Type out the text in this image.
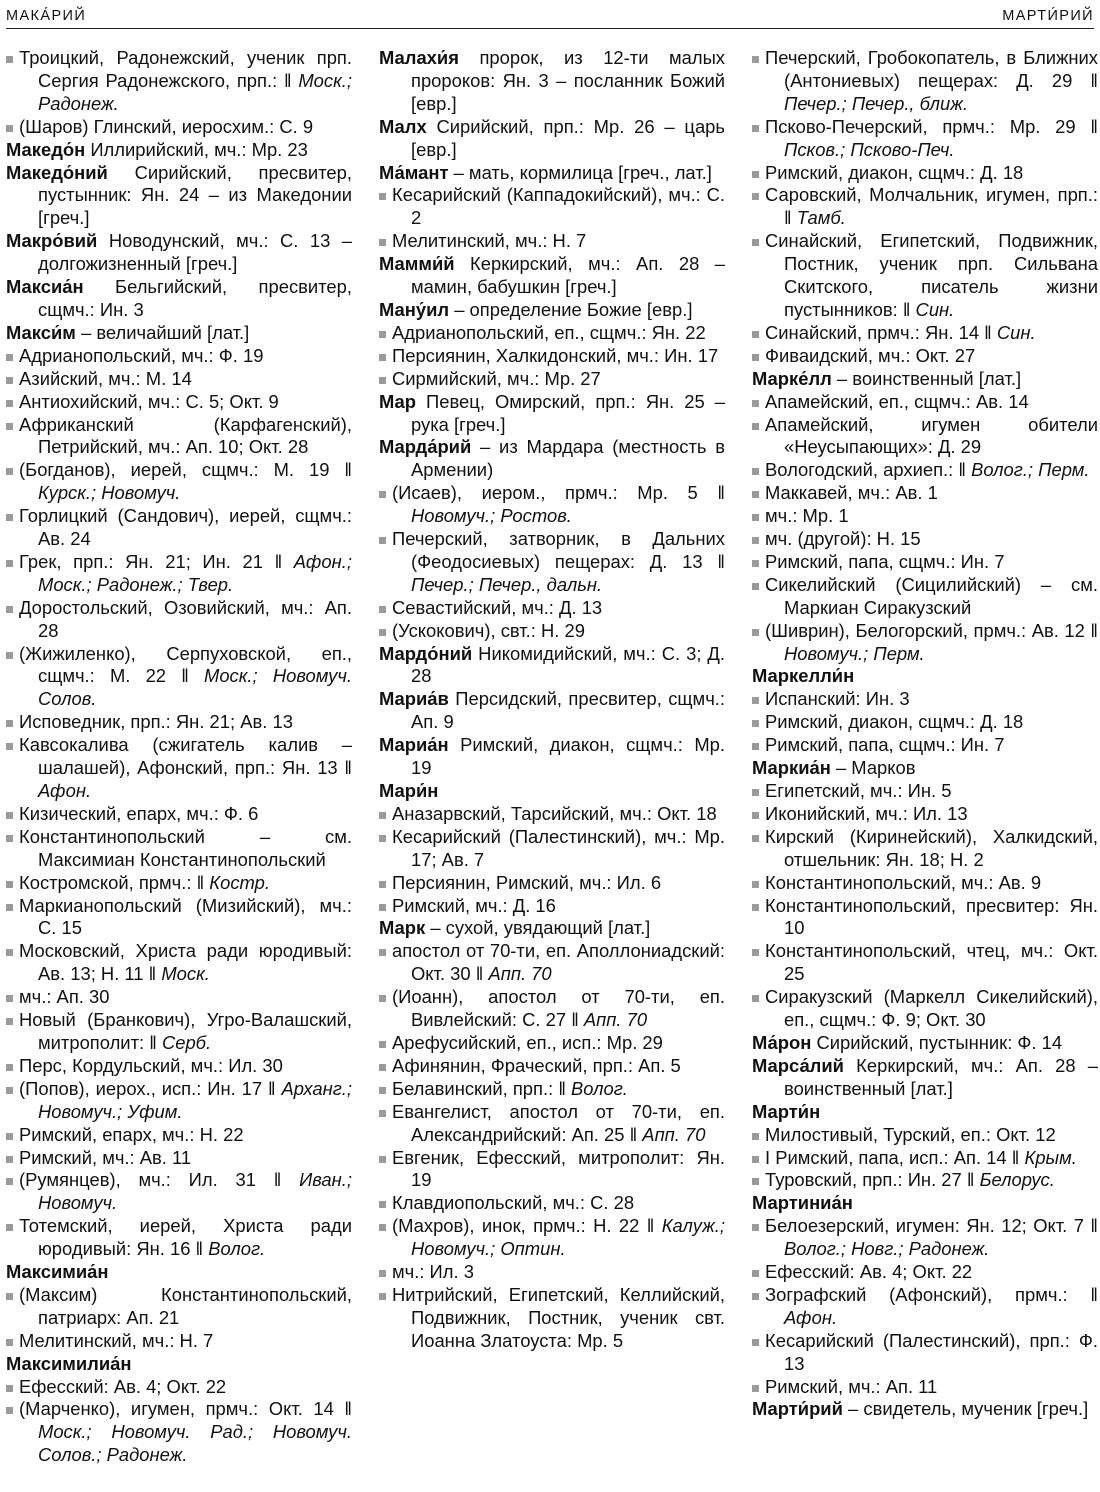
МАКА́РИЙ	МАРТИ́РИЙ
Троицкий, Радонежский, ученик прп. Сергия Радонежского, прп.: ‖ Моск.; Радонеж.
(Шаров) Глинский, иеросхим.: С. 9
Македо́н Иллирийский, мч.: Мр. 23
Македо́ний Сирийский, пресвитер, пустынник: Ян. 24 – из Македонии [греч.]
Макро́вий Новодунский, мч.: С. 13 – долгожизненный [греч.]
Максиа́н Бельгийский, пресвитер, сщмч.: Ин. 3
Макси́м – величайший [лат.]
Адрианопольский, мч.: Ф. 19
Азийский, мч.: М. 14
Антиохийский, мч.: С. 5; Окт. 9
Африканский (Карфагенский), Петрийский, мч.: Ап. 10; Окт. 28
(Богданов), иерей, сщмч.: М. 19 ‖ Курск.; Новомуч.
Горлицкий (Сандович), иерей, сщмч.: Ав. 24
Грек, прп.: Ян. 21; Ин. 21 ‖ Афон.; Моск.; Радонеж.; Твер.
Доростольский, Озовийский, мч.: Ап. 28
(Жижиленко), Серпуховской, еп., сщмч.: М. 22 ‖ Моск.; Новомуч. Солов.
Исповедник, прп.: Ян. 21; Ав. 13
Кавсокалива (сжигатель калив – шалашей), Афонский, прп.: Ян. 13 ‖ Афон.
Кизический, епарх, мч.: Ф. 6
Константинопольский – см. Максимиан Константинопольский
Костромской, прмч.: ‖ Костр.
Маркианопольский (Мизийский), мч.: С. 15
Московский, Христа ради юродивый: Ав. 13; Н. 11 ‖ Моск.
мч.: Ап. 30
Новый (Бранкович), Угро-Валашский, митрополит: ‖ Серб.
Перс, Кордульский, мч.: Ил. 30
(Попов), иерох., исп.: Ин. 17 ‖ Арханг.; Новомуч.; Уфим.
Римский, епарх, мч.: Н. 22
Римский, мч.: Ав. 11
(Румянцев), мч.: Ил. 31 ‖ Иван.; Новомуч.
Тотемский, иерей, Христа ради юродивый: Ян. 16 ‖ Волог.
Максимиа́н
(Максим) Константинопольский, патриарх: Ап. 21
Мелитинский, мч.: Н. 7
Максимилиа́н
Ефесский: Ав. 4; Окт. 22
(Марченко), игумен, прмч.: Окт. 14 ‖ Моск.; Новомуч. Рад.; Новомуч. Солов.; Радонеж.
Малахи́я пророк, из 12-ти малых пророков: Ян. 3 – посланник Божий [евр.]
Малх Сирийский, прп.: Мр. 26 – царь [евр.]
Ма́мант – мать, кормилица [греч., лат.]
Кесарийский (Каппадокийский), мч.: С. 2
Мелитинский, мч.: Н. 7
Мамми́й Керкирский, мч.: Ап. 28 – мамин, бабушкин [греч.]
Ману́ил – определение Божие [евр.]
Адрианопольский, еп., сщмч.: Ян. 22
Персиянин, Халкидонский, мч.: Ин. 17
Сирмийский, мч.: Мр. 27
Мар Певец, Омирский, прп.: Ян. 25 – рука [греч.]
Марда́рий – из Мардара (местность в Армении)
(Исаев), иером., прмч.: Мр. 5 ‖ Новомуч.; Ростов.
Печерский, затворник, в Дальних (Феодосиевых) пещерах: Д. 13 ‖ Печер.; Печер., дальн.
Севастийский, мч.: Д. 13
(Ускокович), свт.: Н. 29
Мардо́ний Никомидийский, мч.: С. 3; Д. 28
Мариа́в Персидский, пресвитер, сщмч.: Ап. 9
Мариа́н Римский, диакон, сщмч.: Мр. 19
Мари́н
Аназарвский, Тарсийский, мч.: Окт. 18
Кесарийский (Палестинский), мч.: Мр. 17; Ав. 7
Персиянин, Римский, мч.: Ил. 6
Римский, мч.: Д. 16
Марк – сухой, увядающий [лат.]
апостол от 70-ти, еп. Аполлониадский: Окт. 30 ‖ Апп. 70
(Иоанн), апостол от 70-ти, еп. Вивлейский: С. 27 ‖ Апп. 70
Арефусийский, еп., исп.: Мр. 29
Афинянин, Фраческий, прп.: Ап. 5
Белавинский, прп.: ‖ Волог.
Евангелист, апостол от 70-ти, еп. Александрийский: Ап. 25 ‖ Апп. 70
Евгеник, Ефесский, митрополит: Ян. 19
Клавдиопольский, мч.: С. 28
(Махров), инок, прмч.: Н. 22 ‖ Калуж.; Новомуч.; Оптин.
мч.: Ил. 3
Нитрийский, Египетский, Келлийский, Подвижник, Постник, ученик свт. Иоанна Златоуста: Мр. 5
Печерский, Гробокопатель, в Ближних (Антониевых) пещерах: Д. 29 ‖ Печер.; Печер., ближ.
Псково-Печерский, прмч.: Мр. 29 ‖ Псков.; Псково-Печ.
Римский, диакон, сщмч.: Д. 18
Саровский, Молчальник, игумен, прп.: ‖ Тамб.
Синайский, Египетский, Подвижник, Постник, ученик прп. Сильвана Скитского, писатель жизни пустынников: ‖ Син.
Синайский, прмч.: Ян. 14 ‖ Син.
Фиваидский, мч.: Окт. 27
Марке́лл – воинственный [лат.]
Апамейский, еп., сщмч.: Ав. 14
Апамейский, игумен обители «Неусыпающих»: Д. 29
Вологодский, архиеп.: ‖ Волог.; Перм.
Маккавей, мч.: Ав. 1
мч.: Мр. 1
мч. (другой): Н. 15
Римский, папа, сщмч.: Ин. 7
Сикелийский (Сицилийский) – см. Маркиан Сиракузский
(Шиврин), Белогорский, прмч.: Ав. 12 ‖ Новомуч.; Перм.
Маркелли́н
Испанский: Ин. 3
Римский, диакон, сщмч.: Д. 18
Римский, папа, сщмч.: Ин. 7
Маркиа́н – Марков
Египетский, мч.: Ин. 5
Иконийский, мч.: Ил. 13
Кирский (Киринейский), Халкидский, отшельник: Ян. 18; Н. 2
Константинопольский, мч.: Ав. 9
Константинопольский, пресвитер: Ян. 10
Константинопольский, чтец, мч.: Окт. 25
Сиракузский (Маркелл Сикелийский), еп., сщмч.: Ф. 9; Окт. 30
Ма́рон Сирийский, пустынник: Ф. 14
Марса́лий Керкирский, мч.: Ап. 28 – воинственный [лат.]
Марти́н
Милостивый, Турский, еп.: Окт. 12
I Римский, папа, исп.: Ап. 14 ‖ Крым.
Туровский, прп.: Ин. 27 ‖ Белорус.
Мартиниа́н
Белоезерский, игумен: Ян. 12; Окт. 7 ‖ Волог.; Новг.; Радонеж.
Ефесский: Ав. 4; Окт. 22
Зографский (Афонский), прмч.: ‖ Афон.
Кесарийский (Палестинский), прп.: Ф. 13
Римский, мч.: Ап. 11
Марти́рий – свидетель, мученик [греч.]
